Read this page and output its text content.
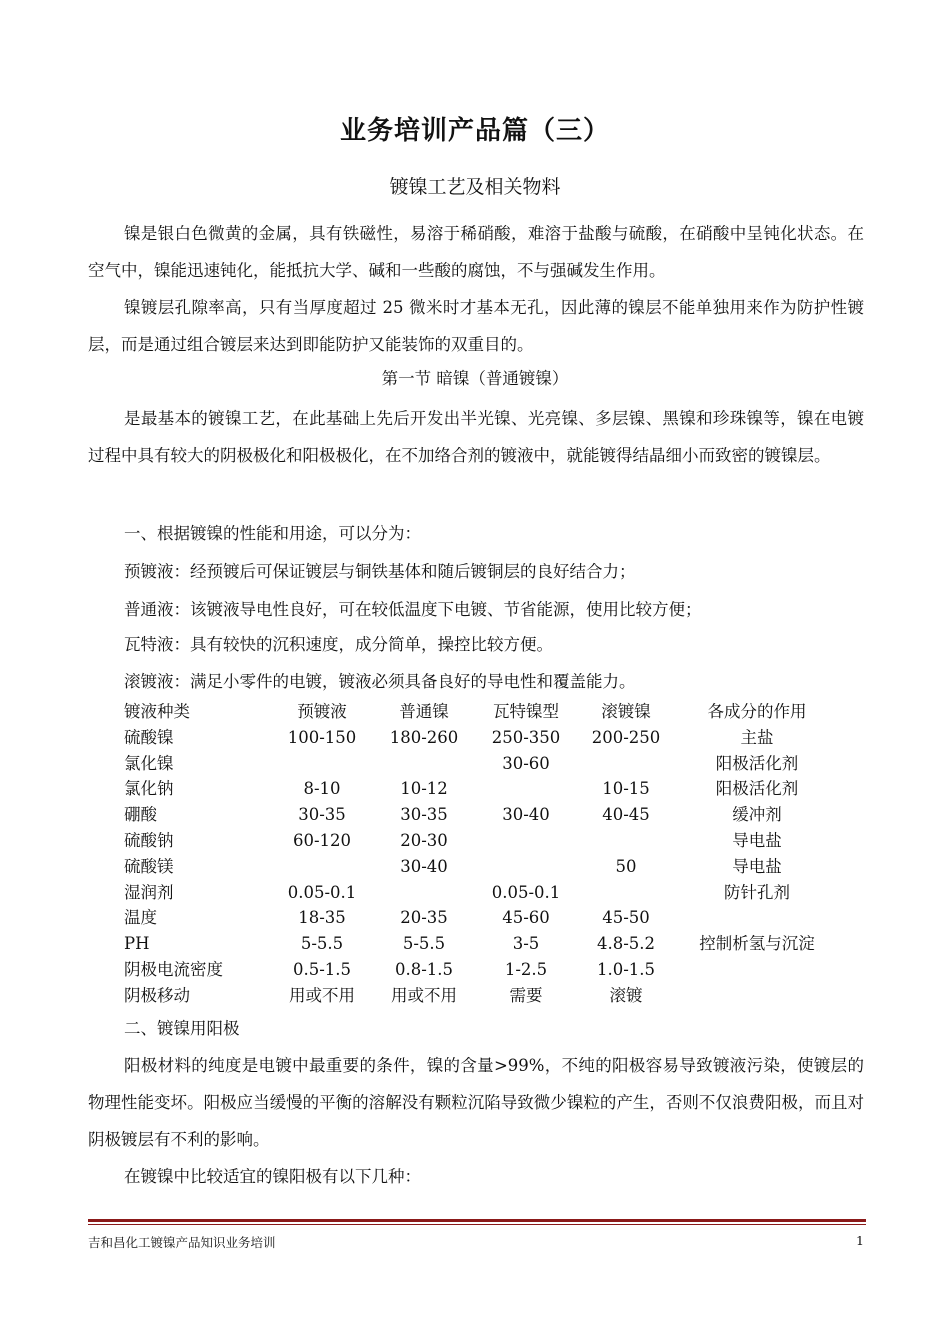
业务培训产品篇（三）
镀镍工艺及相关物料
镍是银白色微黄的金属，具有铁磁性，易溶于稀硝酸，难溶于盐酸与硫酸，在硝酸中呈钝化状态。在空气中，镍能迅速钝化，能抵抗大学、碱和一些酸的腐蚀，不与强碱发生作用。
镍镀层孔隙率高，只有当厚度超过 25 微米时才基本无孔，因此薄的镍层不能单独用来作为防护性镀层，而是通过组合镀层来达到即能防护又能装饰的双重目的。
第一节 暗镍（普通镀镍）
是最基本的镀镍工艺，在此基础上先后开发出半光镍、光亮镍、多层镍、黑镍和珍珠镍等，镍在电镀过程中具有较大的阴极极化和阳极极化，在不加络合剂的镀液中，就能镀得结晶细小而致密的镀镍层。
一、根据镀镍的性能和用途，可以分为：
预镀液：经预镀后可保证镀层与铜铁基体和随后镀铜层的良好结合力；
普通液：该镀液导电性良好，可在较低温度下电镀、节省能源，使用比较方便；
瓦特液：具有较快的沉积速度，成分简单，操控比较方便。
滚镀液：满足小零件的电镀，镀液必须具备良好的导电性和覆盖能力。
镀液种类	预镀液	普通镍	瓦特镍型	滚镀镍	各成分的作用
硫酸镍	100-150	180-260	250-350	200-250	主盐
氯化镍			30-60		阳极活化剂
氯化钠	8-10	10-12		10-15	阳极活化剂
硼酸	30-35	30-35	30-40	40-45	缓冲剂
硫酸钠	60-120	20-30			导电盐
硫酸镁		30-40		50	导电盐
湿润剂	0.05-0.1		0.05-0.1		防针孔剂
温度	18-35	20-35	45-60	45-50	
PH	5-5.5	5-5.5	3-5	4.8-5.2	控制析氢与沉淀
阴极电流密度	0.5-1.5	0.8-1.5	1-2.5	1.0-1.5	
阴极移动	用或不用	用或不用	需要	滚镀	
二、镀镍用阳极
阳极材料的纯度是电镀中最重要的条件，镍的含量>99%，不纯的阳极容易导致镀液污染，使镀层的物理性能变坏。阳极应当缓慢的平衡的溶解没有颗粒沉陷导致微少镍粒的产生，否则不仅浪费阳极，而且对阴极镀层有不利的影响。
在镀镍中比较适宜的镍阳极有以下几种：
吉和昌化工镀镍产品知识业务培训	1
